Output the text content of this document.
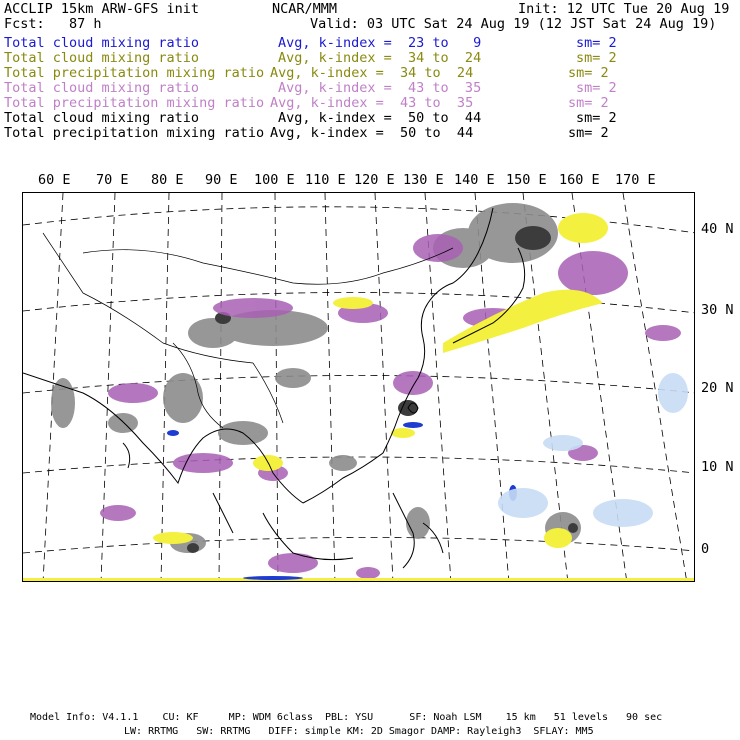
ACCLIP 15km ARW-GFS init	NCAR/MMM	Init: 12 UTC Tue 20 Aug 19
Fcst:   87 h	Valid: 03 UTC Sat 24 Aug 19 (12 JST Sat 24 Aug 19)
Total cloud mixing ratio	Avg, k-index =  23 to   9	sm= 2
Total cloud mixing ratio	Avg, k-index =  34 to  24	sm= 2
Total precipitation mixing ratio Avg, k-index =  34 to  24	sm= 2
Total cloud mixing ratio	Avg, k-index =  43 to  35	sm= 2
Total precipitation mixing ratio Avg, k-index =  43 to  35	sm= 2
Total cloud mixing ratio	Avg, k-index =  50 to  44	sm= 2
Total precipitation mixing ratio Avg, k-index =  50 to  44	sm= 2
60 E 70 E 80 E 90 E 100 E 110 E 120 E 130 E 140 E 150 E 160 E 170 E
40 N
30 N
20 N
10 N
0
Model Info: V4.1.1    CU: KF     MP: WDM 6class  PBL: YSU      SF: Noah LSM    15 km   51 levels   90 sec
LW: RRTMG   SW: RRTMG   DIFF: simple KM: 2D Smagor DAMP: Rayleigh3  SFLAY: MM5
